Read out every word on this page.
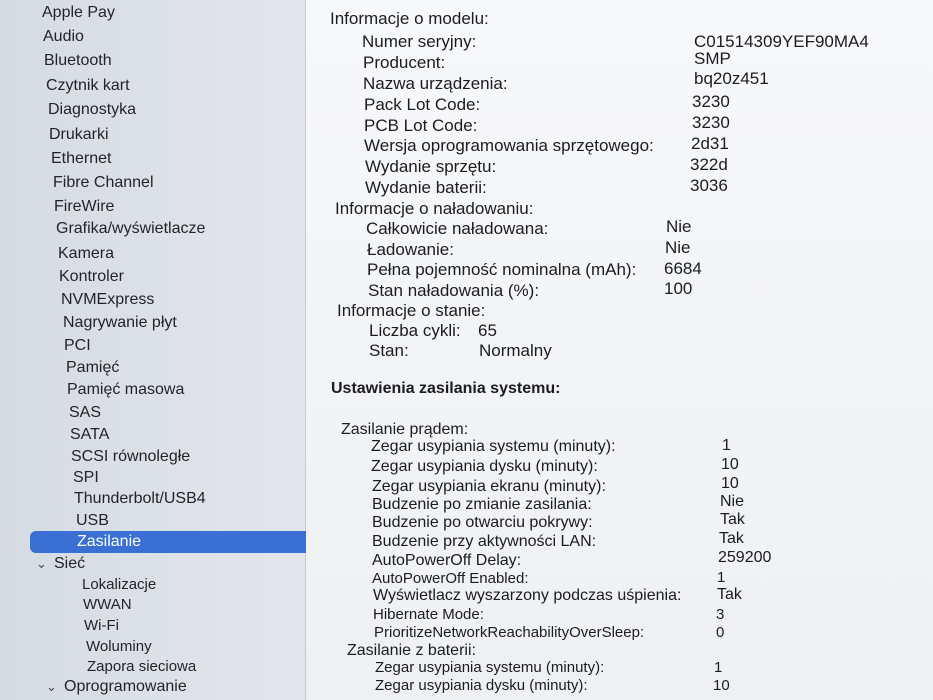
Apple Pay
Audio
Bluetooth
Czytnik kart
Diagnostyka
Drukarki
Ethernet
Fibre Channel
FireWire
Grafika/wyświetlacze
Kamera
Kontroler
NVMExpress
Nagrywanie płyt
PCI
Pamięć
Pamięć masowa
SAS
SATA
SCSI równoległe
SPI
Thunderbolt/USB4
USB
Zasilanie
⌄ Sieć
Lokalizacje
WWAN
Wi-Fi
Woluminy
Zapora sieciowa
⌄ Oprogramowanie
Informacje o modelu:
Numer seryjny:	C01514309YEF90MA4
Producent:	SMP
Nazwa urządzenia:	bq20z451
Pack Lot Code:	3230
PCB Lot Code:	3230
Wersja oprogramowania sprzętowego: 2d31
Wydanie sprzętu:	322d
Wydanie baterii:	3036
Informacje o naładowaniu:
Całkowicie naładowana:	Nie
Ładowanie:	Nie
Pełna pojemność nominalna (mAh): 6684
Stan naładowania (%):	100
Informacje o stanie:
Liczba cykli: 65
Stan:	Normalny
Ustawienia zasilania systemu:
Zasilanie prądem:
Zegar usypiania systemu (minuty):	1
Zegar usypiania dysku (minuty):	10
Zegar usypiania ekranu (minuty):	10
Budzenie po zmianie zasilania:	Nie
Budzenie po otwarciu pokrywy:	Tak
Budzenie przy aktywności LAN:	Tak
AutoPowerOff Delay:	259200
AutoPowerOff Enabled:	1
Wyświetlacz wyszarzony podczas uśpienia: Tak
Hibernate Mode:	3
PrioritizeNetworkReachabilityOverSleep:	0
Zasilanie z baterii:
Zegar usypiania systemu (minuty):	1
Zegar usypiania dysku (minuty):	10
